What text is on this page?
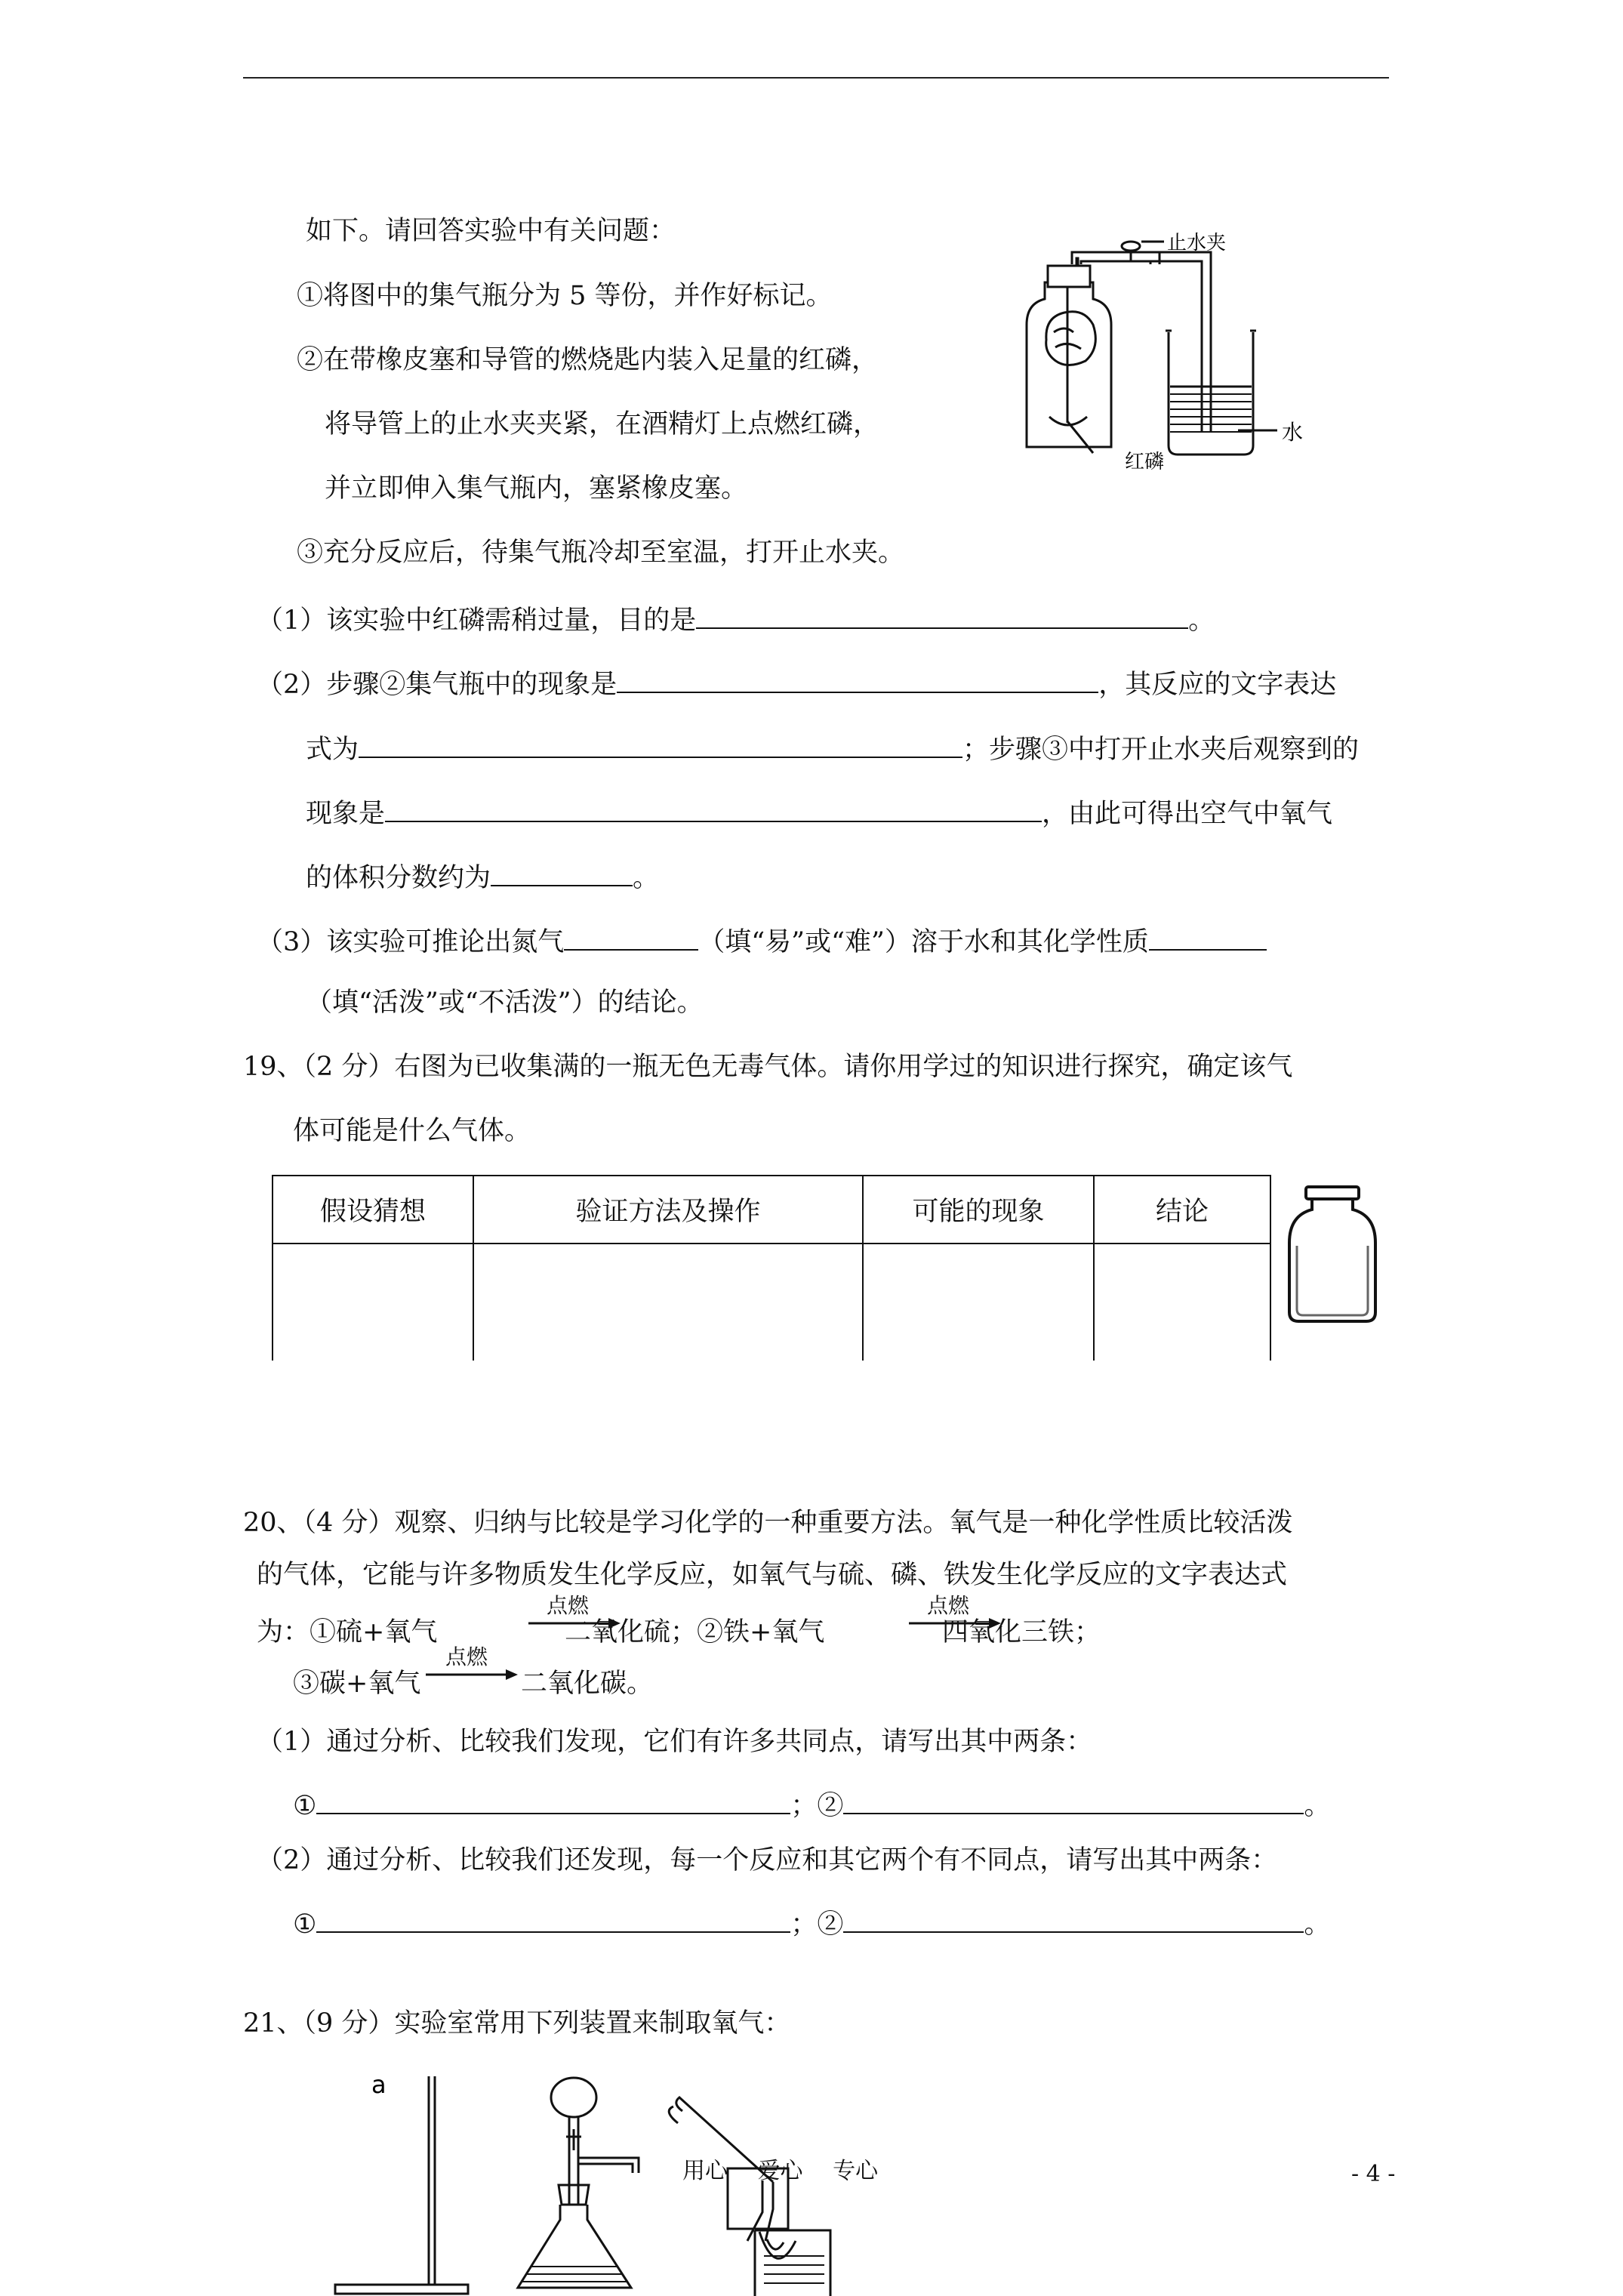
止水夹
水
红磷
如下。请回答实验中有关问题：
①将图中的集气瓶分为 5 等份，并作好标记。
②在带橡皮塞和导管的燃烧匙内装入足量的红磷，
将导管上的止水夹夹紧，在酒精灯上点燃红磷，
并立即伸入集气瓶内，塞紧橡皮塞。
③充分反应后，待集气瓶冷却至室温，打开止水夹。
（1）该实验中红磷需稍过量，目的是	。
（2）步骤②集气瓶中的现象是	，其反应的文字表达
式为	；步骤③中打开止水夹后观察到的
现象是	，由此可得出空气中氧气
的体积分数约为	。
（3）该实验可推论出氮气	（填“易”或“难”）溶于水和其化学性质
（填“活泼”或“不活泼”）的结论。
19、（2 分）右图为已收集满的一瓶无色无毒气体。请你用学过的知识进行探究，确定该气
体可能是什么气体。
假设猜想	验证方法及操作	可能的现象	结论

20、（4 分）观察、归纳与比较是学习化学的一种重要方法。氧气是一种化学性质比较活泼
的气体，它能与许多物质发生化学反应，如氧气与硫、磷、铁发生化学反应的文字表达式
为：①硫+氧气
点燃
二氧化硫；②铁+氧气
点燃
四氧化三铁；
③碳+氧气
点燃
二氧化碳。
（1）通过分析、比较我们发现，它们有许多共同点，请写出其中两条：
①	；②	。
（2）通过分析、比较我们还发现，每一个反应和其它两个有不同点，请写出其中两条：
①	；②	。
21、（9 分）实验室常用下列装置来制取氧气：
a
用心　 爱心　 专心	- 4 -
